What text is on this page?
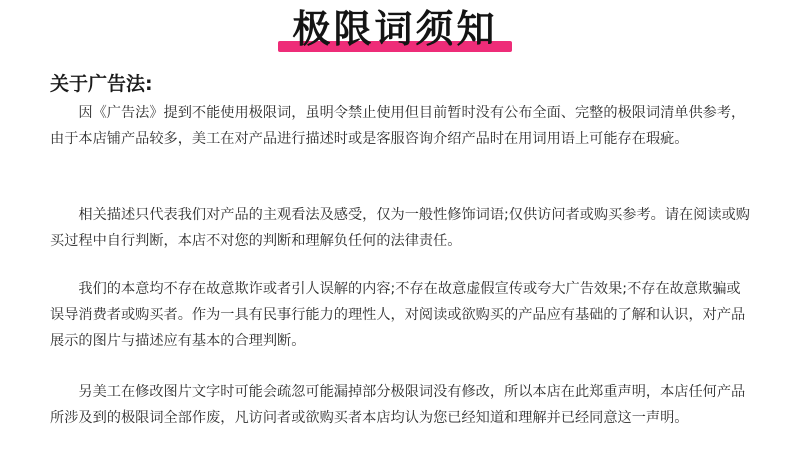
极限词须知
关于广告法:

因《广告法》提到不能使用极限词，虽明令禁止使用但目前暂时没有公布全面、完整的极限词清单供参考，由于本店铺产品较多，美工在对产品进行描述时或是客服咨询介绍产品时在用词用语上可能存在瑕疵。

相关描述只代表我们对产品的主观看法及感受，仅为一般性修饰词语;仅供访问者或购买参考。请在阅读或购买过程中自行判断，本店不对您的判断和理解负任何的法律责任。

我们的本意均不存在故意欺诈或者引人误解的内容;不存在故意虚假宣传或夸大广告效果;不存在故意欺骗或误导消费者或购买者。作为一具有民事行能力的理性人，对阅读或欲购买的产品应有基础的了解和认识，对产品展示的图片与描述应有基本的合理判断。

另美工在修改图片文字时可能会疏忽可能漏掉部分极限词没有修改，所以本店在此郑重声明，本店任何产品所涉及到的极限词全部作废，凡访问者或欲购买者本店均认为您已经知道和理解并已经同意这一声明。
